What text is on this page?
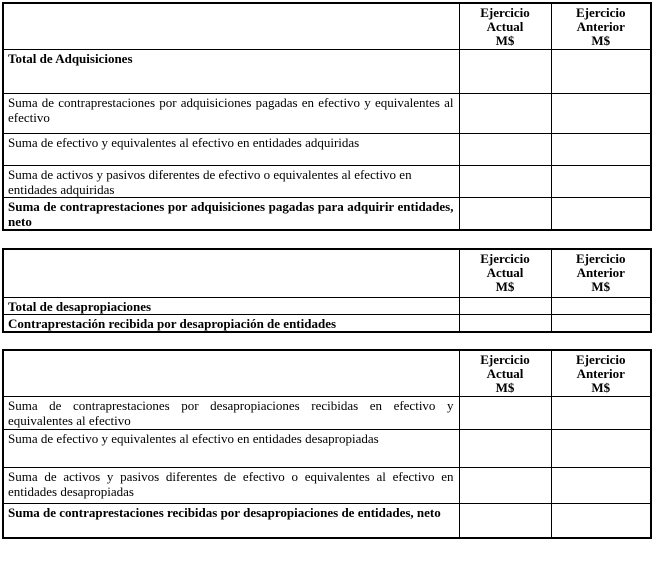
	Ejercicio
Actual
M$	Ejercicio
Anterior
M$

Total de Adquisiciones		
Suma de contraprestaciones por adquisiciones pagadas en efectivo y equivalentes al efectivo		
Suma de efectivo y equivalentes al efectivo en entidades adquiridas		
Suma de activos y pasivos diferentes de efectivo o equivalentes al efectivo en entidades adquiridas		
Suma de contraprestaciones por adquisiciones pagadas para adquirir entidades, neto		

	Ejercicio
Actual
M$	Ejercicio
Anterior
M$

Total de desapropiaciones		
Contraprestación recibida por desapropiación de entidades		

	Ejercicio
Actual
M$	Ejercicio
Anterior
M$

Suma de contraprestaciones por desapropiaciones recibidas en efectivo y equivalentes al efectivo		
Suma de efectivo y equivalentes al efectivo en entidades desapropiadas		
Suma de activos y pasivos diferentes de efectivo o equivalentes al efectivo en entidades desapropiadas		
Suma de contraprestaciones recibidas por desapropiaciones de entidades, neto		
